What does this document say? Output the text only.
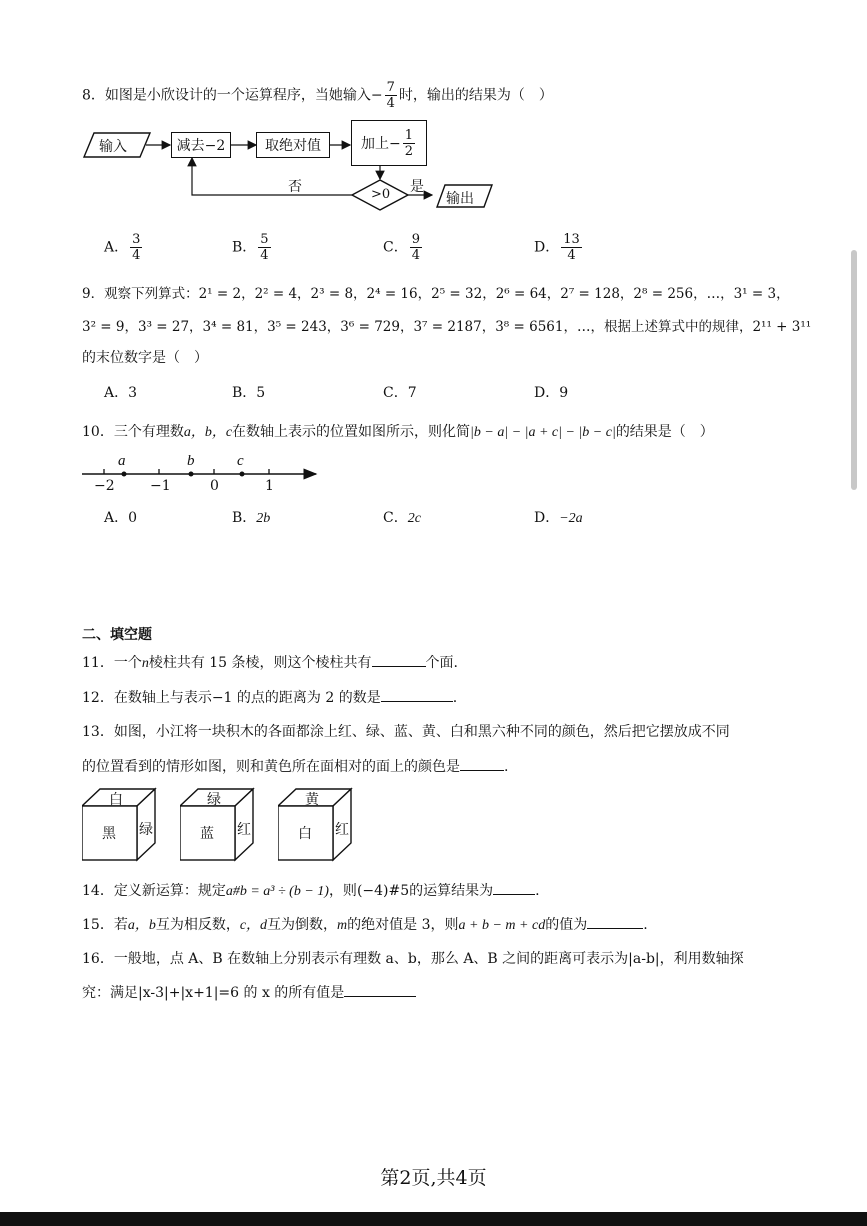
8．如图是小欣设计的一个运算程序，当她输入− $\frac{7}{4}$ 时，输出的结果为（　）
输入	减去−2	取绝对值	加上− $\frac{1}{2}$
>0
否	是
输出
A． $\frac{3}{4}$	B． $\frac{5}{4}$	C． $\frac{9}{4}$	D． $\frac{13}{4}$
9．观察下列算式：2¹ = 2，2² = 4，2³ = 8，2⁴ = 16，2⁵ = 32，2⁶ = 64，2⁷ = 128，2⁸ = 256，…，3¹ = 3，
3² = 9，3³ = 27，3⁴ = 81，3⁵ = 243，3⁶ = 729，3⁷ = 2187，3⁸ = 6561，…，根据上述算式中的规律，2¹¹ + 3¹¹
的末位数字是（　）
A．3	B．5	C．7	D．9
10．三个有理数a，b，c在数轴上表示的位置如图所示，则化简|b − a| − |a + c| − |b − c|的结果是（　）
a	b	c
−2	−1	0	1
A．0	B．2b	C．2c	D．−2a
二、填空题
11．一个n棱柱共有 15 条棱，则这个棱柱共有	个面.
12．在数轴上与表示−1 的点的距离为 2 的数是	.
13．如图，小江将一块积木的各面都涂上红、绿、蓝、黄、白和黑六种不同的颜色，然后把它摆放成不同
的位置看到的情形如图，则和黄色所在面相对的面上的颜色是	.
白
黑 绿
绿
蓝 红
黄
白 红
14．定义新运算：规定a#b = a³ ÷ (b − 1)，则(−4)#5的运算结果为	.
15．若a，b互为相反数，c，d互为倒数，m的绝对值是 3，则a + b − m + cd的值为	.
16．一般地，点 A、B 在数轴上分别表示有理数 a、b，那么 A、B 之间的距离可表示为|a-b|，利用数轴探
究：满足|x-3|+|x+1|=6 的 x 的所有值是
第2页,共4页
